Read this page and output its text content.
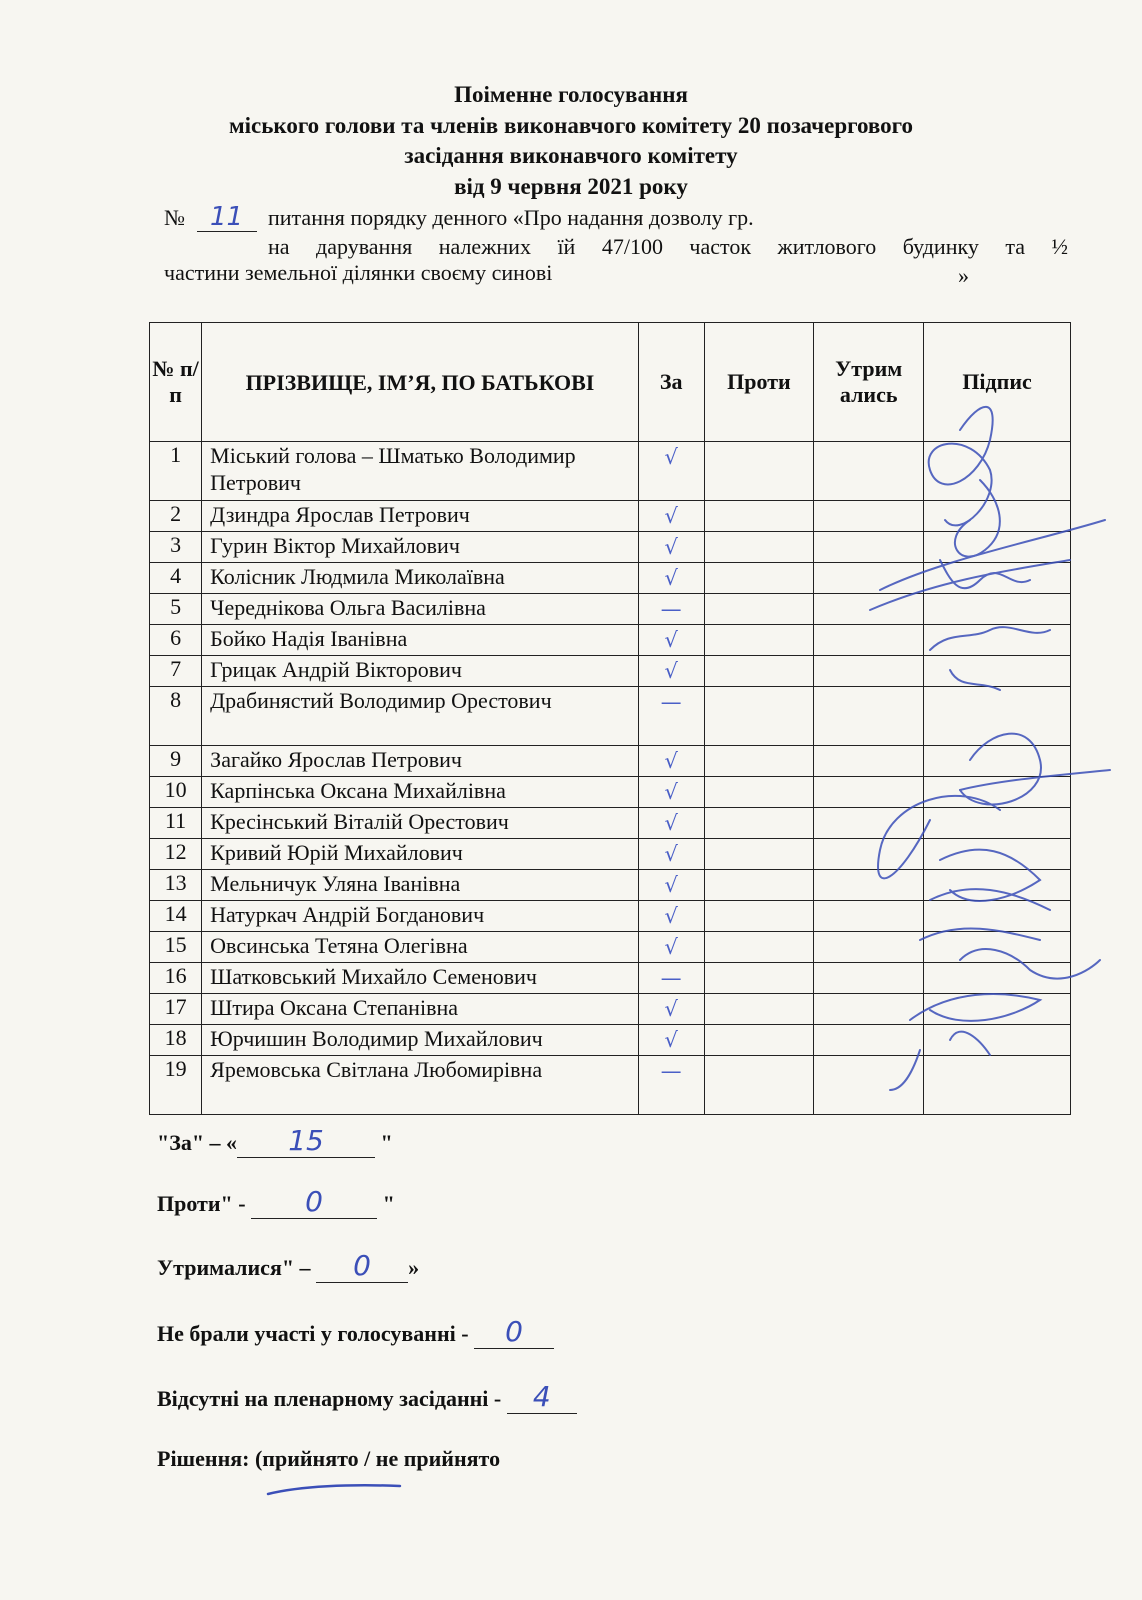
Поіменне голосування
міського голови та членів виконавчого комітету 20 позачергового
засідання виконавчого комітету
від 9 червня 2021 року
№ 11 питання порядку денного «Про надання дозволу гр.
на дарування належних їй 47/100 часток житлового будинку та ½
частини земельної ділянки своєму синові	»
№ п/п	ПРІЗВИЩЕ, ІМ’Я, ПО БАТЬКОВІ	За	Проти	Утрим ались	Підпис
1	Міський голова – Шматько Володимир Петрович	√			

2	Дзиндра Ярослав Петрович	√			

3	Гурин Віктор Михайлович	√			

4	Колісник Людмила Миколаївна	√			

5	Череднікова Ольга Василівна	—			

6	Бойко Надія Іванівна	√			

7	Грицак Андрій Вікторович	√			

8	Драбинястий Володимир Орестович	—			

9	Загайко Ярослав Петрович	√			

10	Карпінська Оксана Михайлівна	√			

11	Кресінський Віталій Орестович	√			

12	Кривий Юрій Михайлович	√			

13	Мельничук Уляна Іванівна	√			

14	Натуркач Андрій Богданович	√			

15	Овсинська Тетяна Олегівна	√			

16	Шатковський Михайло Семенович	—			

17	Штира Оксана Степанівна	√			

18	Юрчишин Володимир Михайлович	√			

19	Яремовська Світлана Любомирівна	—			

"За" – « 15 "
Проти" - 0 "
Утрималися" – 0 »
Не брали участі у голосуванні - 0
Відсутні на пленарному засіданні - 4
Рішення: (прийнято / не прийнято
